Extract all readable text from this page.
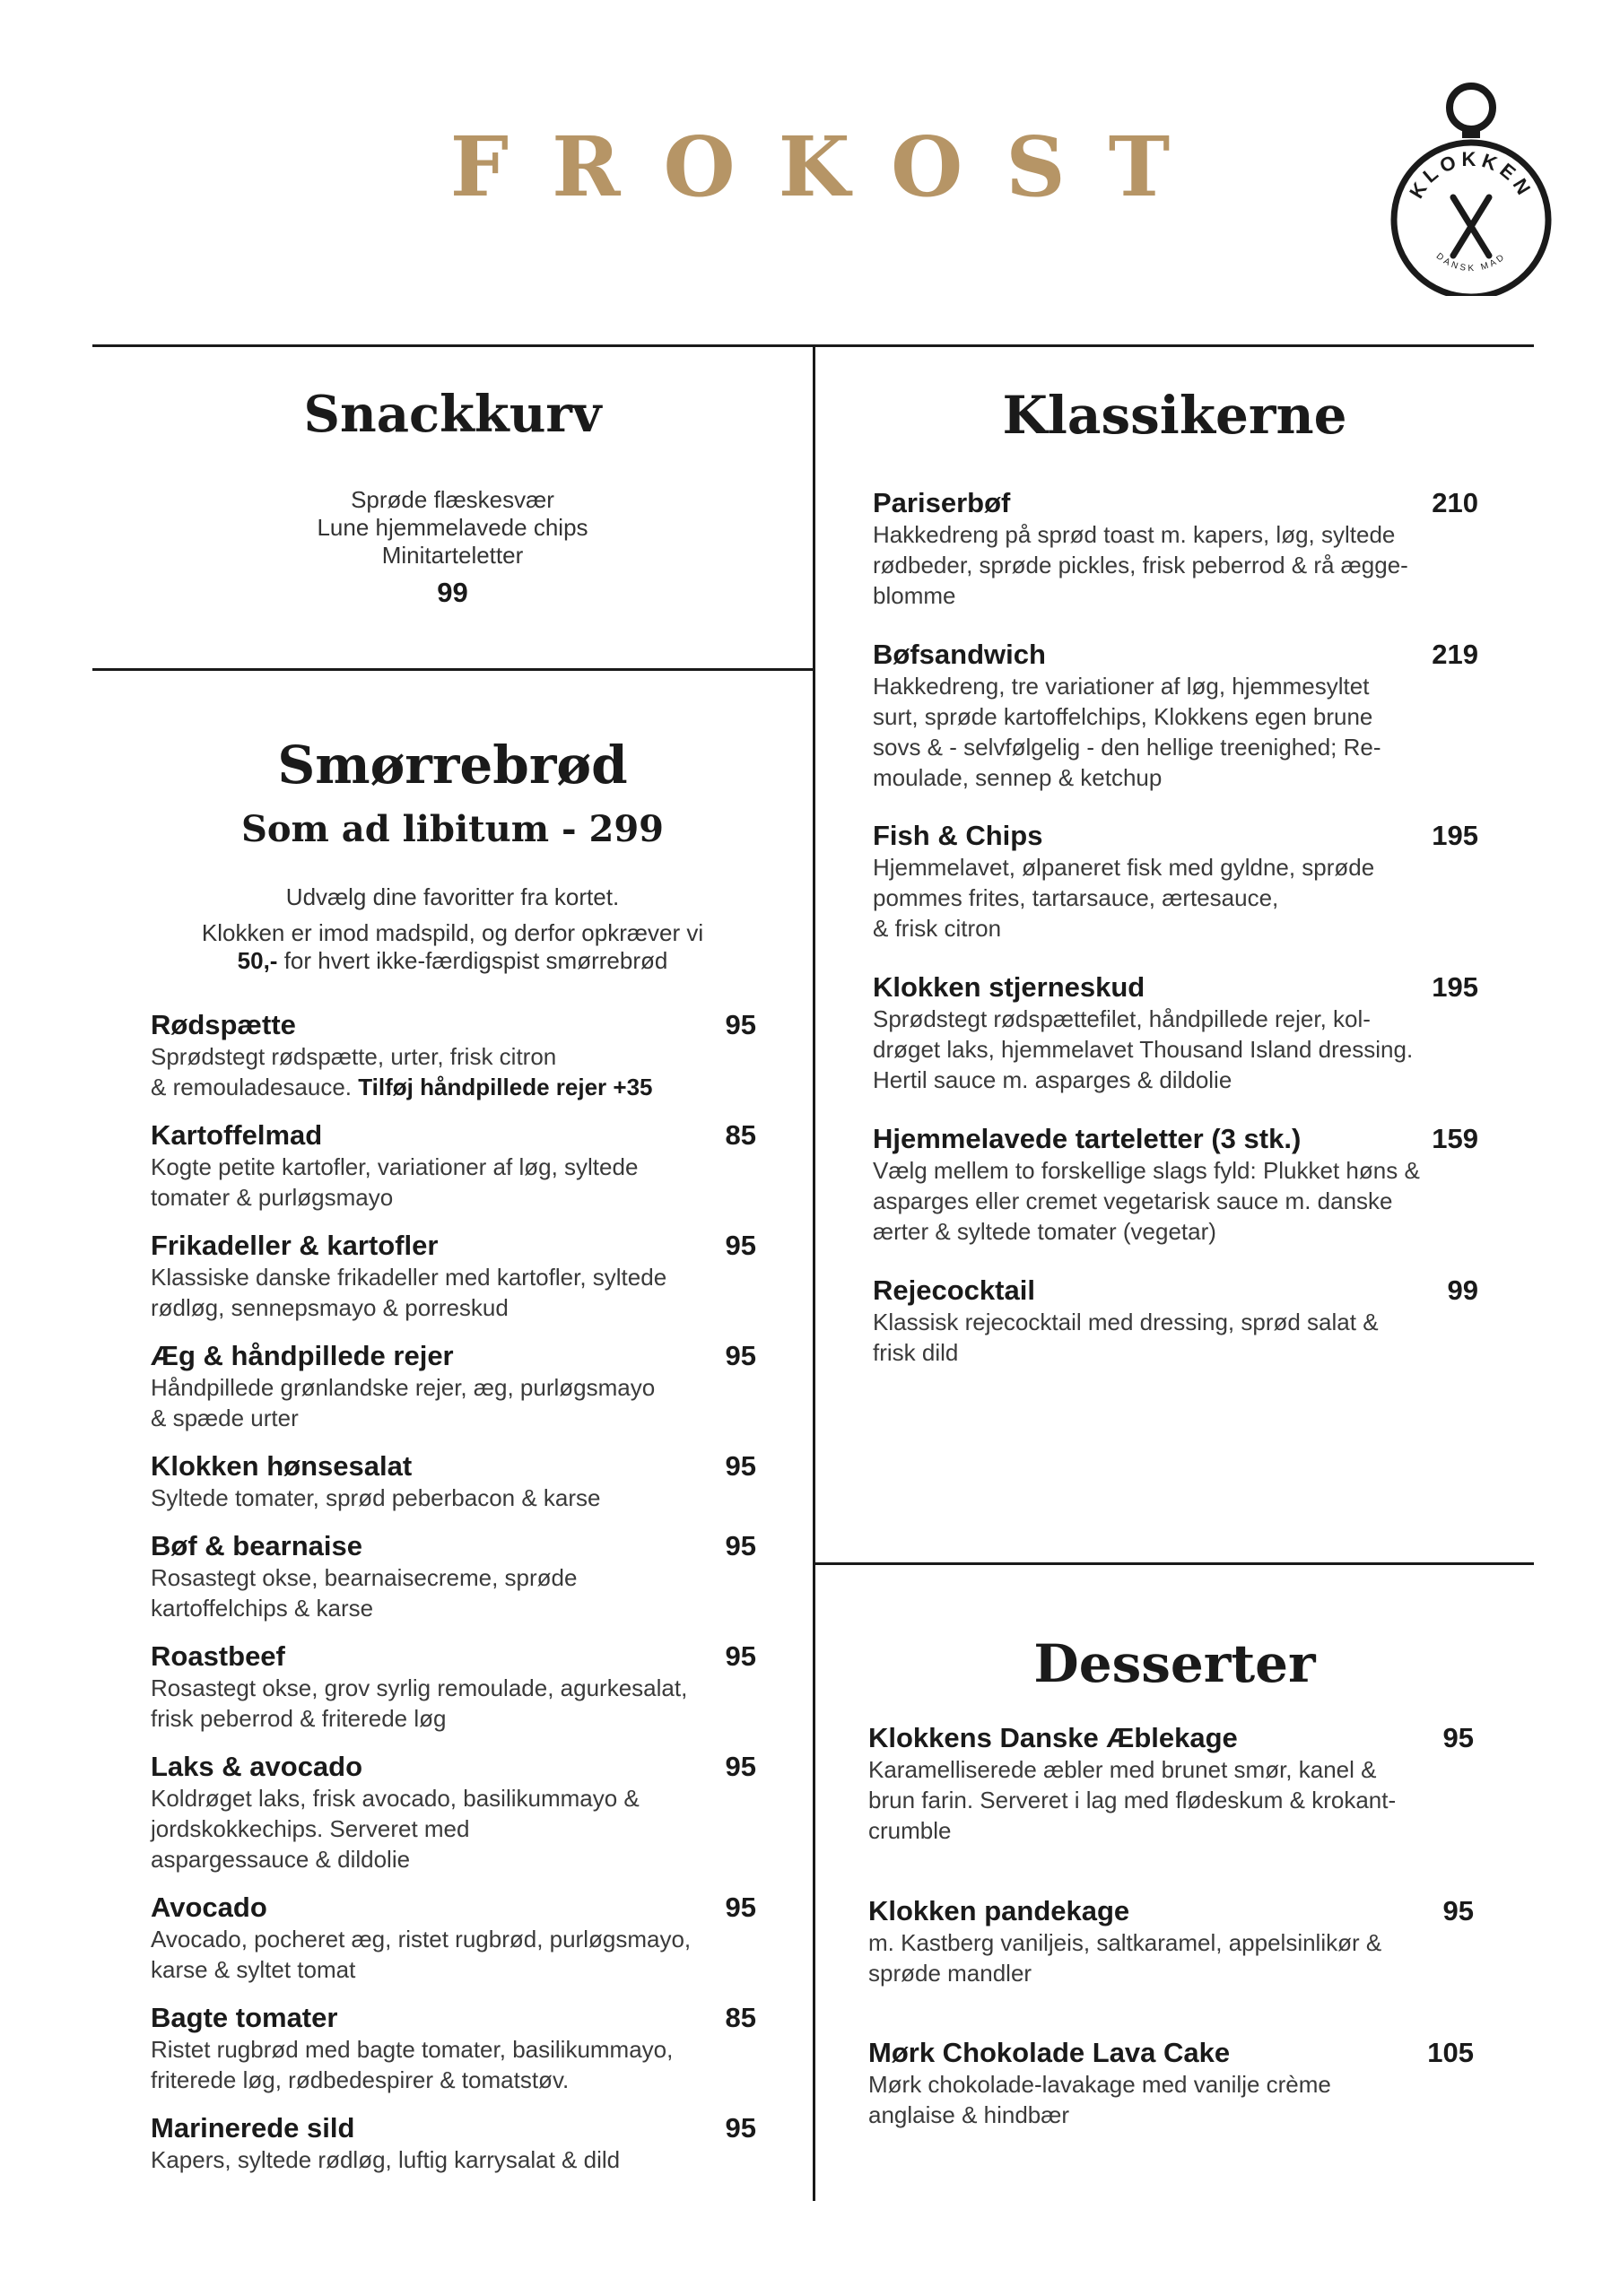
FROKOST	KLOKKEN
DANSK MAD
Snackkurv
Sprøde flæskesvær
Lune hjemmelavede chips
Minitarteletter
99
Smørrebrød
Som ad libitum - 299
Udvælg dine favoritter fra kortet.
Klokken er imod madspild, og derfor opkræver vi
50,- for hvert ikke-færdigspist smørrebrød
Rødspætte	95
Sprødstegt rødspætte, urter, frisk citron
& remouladesauce. Tilføj håndpillede rejer +35
Kartoffelmad	85
Kogte petite kartofler, variationer af løg, syltede
tomater & purløgsmayo
Frikadeller & kartofler	95
Klassiske danske frikadeller med kartofler, syltede
rødløg, sennepsmayo & porreskud
Æg & håndpillede rejer	95
Håndpillede grønlandske rejer, æg, purløgsmayo
& spæde urter
Klokken hønsesalat	95
Syltede tomater, sprød peberbacon & karse
Bøf & bearnaise	95
Rosastegt okse, bearnaisecreme, sprøde
kartoffelchips & karse
Roastbeef	95
Rosastegt okse, grov syrlig remoulade, agurkesalat,
frisk peberrod & friterede løg
Laks & avocado	95
Koldrøget laks, frisk avocado, basilikummayo &
jordskokkechips. Serveret med
aspargessauce & dildolie
Avocado	95
Avocado, pocheret æg, ristet rugbrød, purløgsmayo,
karse & syltet tomat
Bagte tomater	85
Ristet rugbrød med bagte tomater, basilikummayo,
friterede løg, rødbedespirer & tomatstøv.
Marinerede sild	95
Kapers, syltede rødløg, luftig karrysalat & dild
Klassikerne
Pariserbøf	210
Hakkedreng på sprød toast m. kapers, løg, syltede
rødbeder, sprøde pickles, frisk peberrod & rå ægge-
blomme
Bøfsandwich	219
Hakkedreng, tre variationer af løg, hjemmesyltet
surt, sprøde kartoffelchips, Klokkens egen brune
sovs & - selvfølgelig - den hellige treenighed; Re-
moulade, sennep & ketchup
Fish & Chips	195
Hjemmelavet, ølpaneret fisk med gyldne, sprøde
pommes frites, tartarsauce, ærtesauce,
& frisk citron
Klokken stjerneskud	195
Sprødstegt rødspættefilet, håndpillede rejer, kol-
drøget laks, hjemmelavet Thousand Island dressing.
Hertil sauce m. asparges & dildolie
Hjemmelavede tarteletter (3 stk.)	159
Vælg mellem to forskellige slags fyld: Plukket høns &
asparges eller cremet vegetarisk sauce m. danske
ærter & syltede tomater (vegetar)
Rejecocktail	99
Klassisk rejecocktail med dressing, sprød salat &
frisk dild
Desserter
Klokkens Danske Æblekage	95
Karamelliserede æbler med brunet smør, kanel &
brun farin. Serveret i lag med flødeskum & krokant-
crumble
Klokken pandekage	95
m. Kastberg vaniljeis, saltkaramel, appelsinlikør &
sprøde mandler
Mørk Chokolade Lava Cake	105
Mørk chokolade-lavakage med vanilje crème
anglaise & hindbær
